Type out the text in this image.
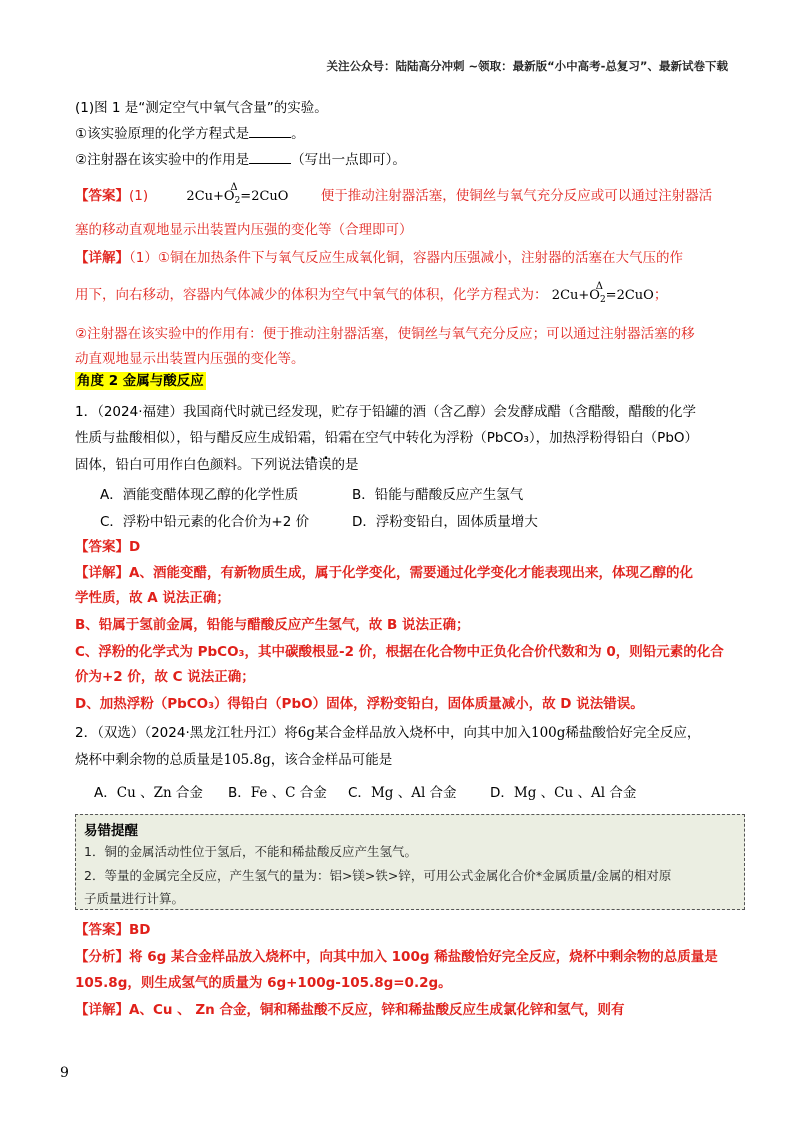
关注公众号：陆陆高分冲刺 ~领取：最新版“小中高考-总复习”、最新试卷下载
(1)图 1 是“测定空气中氧气含量”的实验。
①该实验原理的化学方程式是	。
②注射器在该实验中的作用是	（写出一点即可）。
【答案】(1)	$2Cu+O_2$
Δ
=2CuO 便于推动注射器活塞，使铜丝与氧气充分反应或可以通过注射器活
塞的移动直观地显示出装置内压强的变化等（合理即可）
【详解】（1）①铜在加热条件下与氧气反应生成氧化铜，容器内压强减小，注射器的活塞在大气压的作
用下，向右移动，容器内气体减少的体积为空气中氧气的体积，化学方程式为： $2Cu+O_2$
Δ
=2CuO；
②注射器在该实验中的作用有：便于推动注射器活塞，使铜丝与氧气充分反应；可以通过注射器活塞的移
动直观地显示出装置内压强的变化等。
角度 2 金属与酸反应
1．（2024·福建）我国商代时就已经发现，贮存于铅罐的酒（含乙醇）会发酵成醋（含醋酸，醋酸的化学
性质与盐酸相似），铅与醋反应生成铅霜，铅霜在空气中转化为浮粉（PbCO₃），加热浮粉得铅白（PbO）
固体，铅白可用作白色颜料。下列说法错误的是
A．酒能变醋体现乙醇的化学性质	B．铅能与醋酸反应产生氢气
C．浮粉中铅元素的化合价为+2 价	D．浮粉变铅白，固体质量增大
【答案】D
【详解】A、酒能变醋，有新物质生成，属于化学变化，需要通过化学变化才能表现出来，体现乙醇的化
学性质，故 A 说法正确；
B、铅属于氢前金属，铅能与醋酸反应产生氢气，故 B 说法正确；
C、浮粉的化学式为 PbCO₃，其中碳酸根显-2 价，根据在化合物中正负化合价代数和为 0，则铅元素的化合
价为+2 价，故 C 说法正确；
D、加热浮粉（PbCO₃）得铅白（PbO）固体，浮粉变铅白，固体质量减小，故 D 说法错误。
2．（双选）（2024·黑龙江牡丹江）将6g某合金样品放入烧杯中，向其中加入100g稀盐酸恰好完全反应，
烧杯中剩余物的总质量是105.8g，该合金样品可能是
A．Cu 、Zn 合金 B．Fe 、C 合金 C．Mg 、Al 合金 D．Mg 、Cu 、Al 合金
易错提醒
1．铜的金属活动性位于氢后，不能和稀盐酸反应产生氢气。
2．等量的金属完全反应，产生氢气的量为：铝>镁>铁>锌，可用公式金属化合价*金属质量/金属的相对原
子质量进行计算。
【答案】BD
【分析】将 6g 某合金样品放入烧杯中，向其中加入 100g 稀盐酸恰好完全反应，烧杯中剩余物的总质量是
105.8g，则生成氢气的质量为 6g+100g-105.8g=0.2g。
【详解】A、Cu 、 Zn 合金，铜和稀盐酸不反应，锌和稀盐酸反应生成氯化锌和氢气，则有
9
